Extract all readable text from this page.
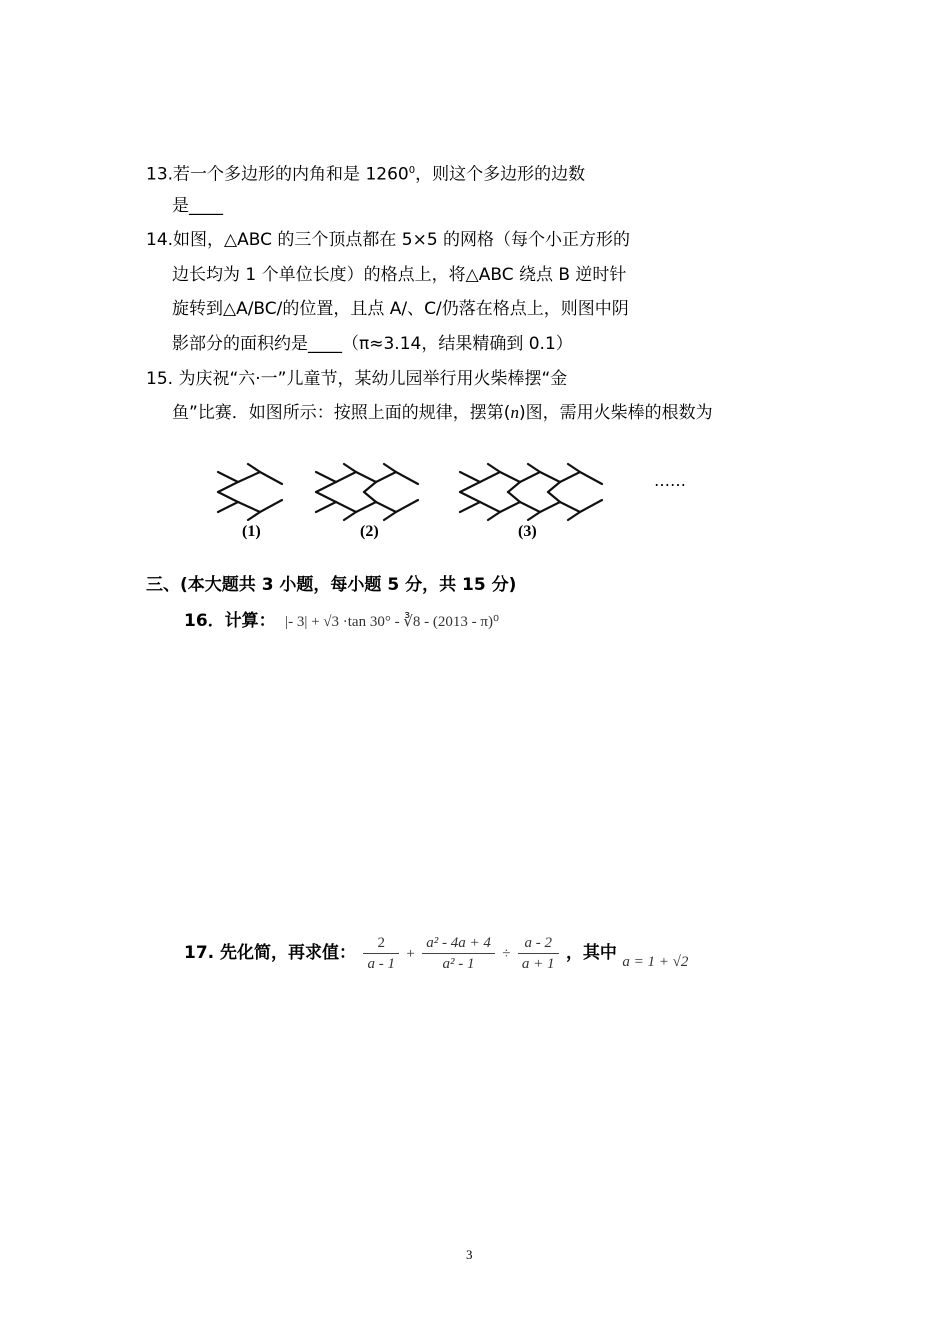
13.若一个多边形的内角和是 1260$^0$，则这个多边形的边数
是____
14.如图，△ABC 的三个顶点都在 5×5 的网格（每个小正方形的
边长均为 1 个单位长度）的格点上，将△ABC 绕点 B 逆时针
旋转到△A/BC/的位置，且点 A/、C/仍落在格点上，则图中阴
影部分的面积约是____（π≈3.14，结果精确到 0.1）
15. 为庆祝“六·一”儿童节，某幼儿园举行用火柴棒摆“金
鱼”比赛．如图所示：按照上面的规律，摆第(n)图，需用火柴棒的根数为
(1)	(2)	(3)
……
三、(本大题共 3 小题，每小题 5 分，共 15 分)
16．计算： |- 3| + √3 ·tan 30° - ∛8 - (2013 - π)⁰
17. 先化简，再求值： $\frac{2}{a - 1} + \frac{\text{a² - 4a + 4}}{\text{a² - 1}} \div \frac{a - 2}{a + 1}$ ，其中 a = 1 + √2
3
